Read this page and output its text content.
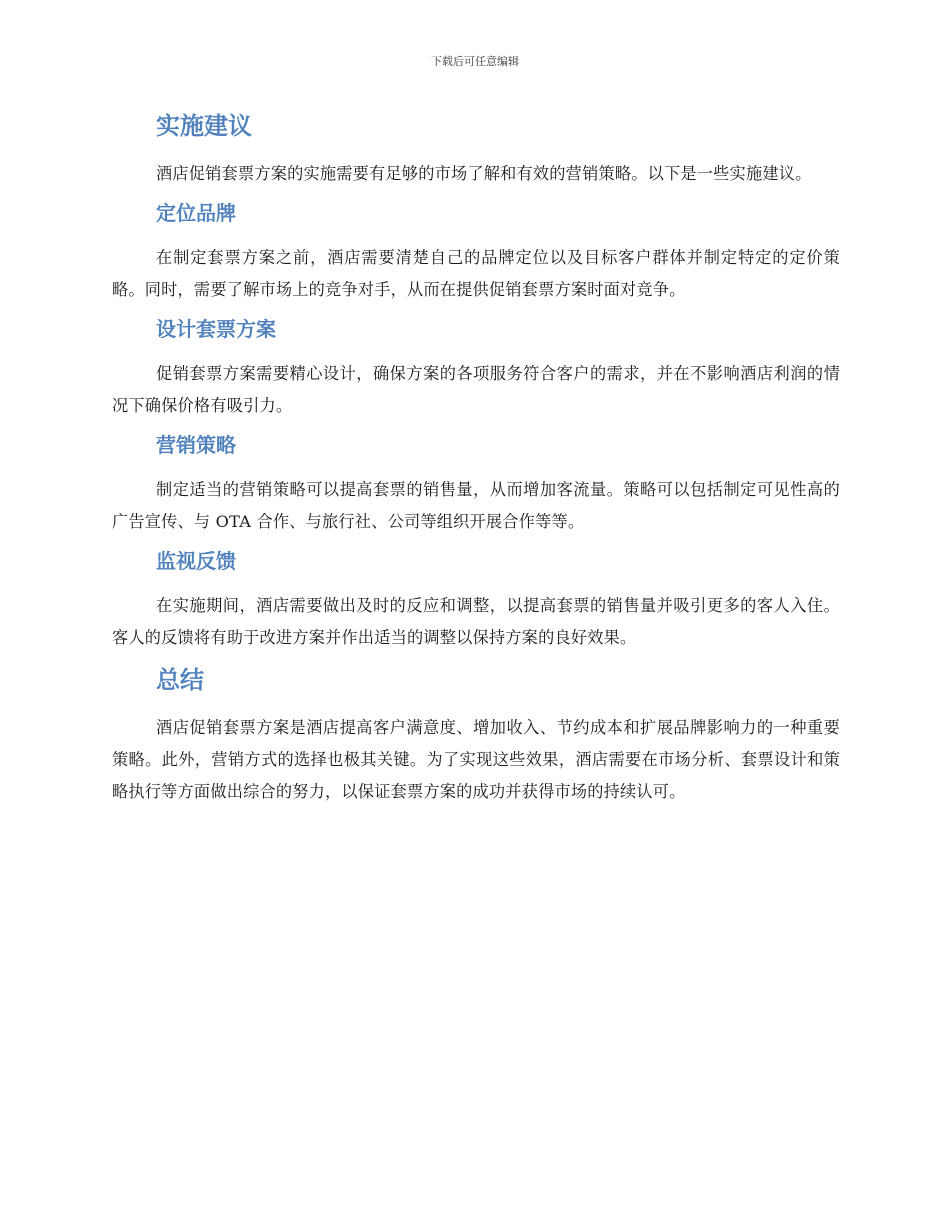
下载后可任意编辑
实施建议

酒店促销套票方案的实施需要有足够的市场了解和有效的营销策略。以下是一些实施建议。

定位品牌

在制定套票方案之前，酒店需要清楚自己的品牌定位以及目标客户群体并制定特定的定价策略。同时，需要了解市场上的竞争对手，从而在提供促销套票方案时面对竞争。

设计套票方案

促销套票方案需要精心设计，确保方案的各项服务符合客户的需求，并在不影响酒店利润的情况下确保价格有吸引力。

营销策略

制定适当的营销策略可以提高套票的销售量，从而增加客流量。策略可以包括制定可见性高的广告宣传、与 OTA 合作、与旅行社、公司等组织开展合作等等。

监视反馈

在实施期间，酒店需要做出及时的反应和调整，以提高套票的销售量并吸引更多的客人入住。客人的反馈将有助于改进方案并作出适当的调整以保持方案的良好效果。

总结

酒店促销套票方案是酒店提高客户满意度、增加收入、节约成本和扩展品牌影响力的一种重要策略。此外，营销方式的选择也极其关键。为了实现这些效果，酒店需要在市场分析、套票设计和策略执行等方面做出综合的努力，以保证套票方案的成功并获得市场的持续认可。
